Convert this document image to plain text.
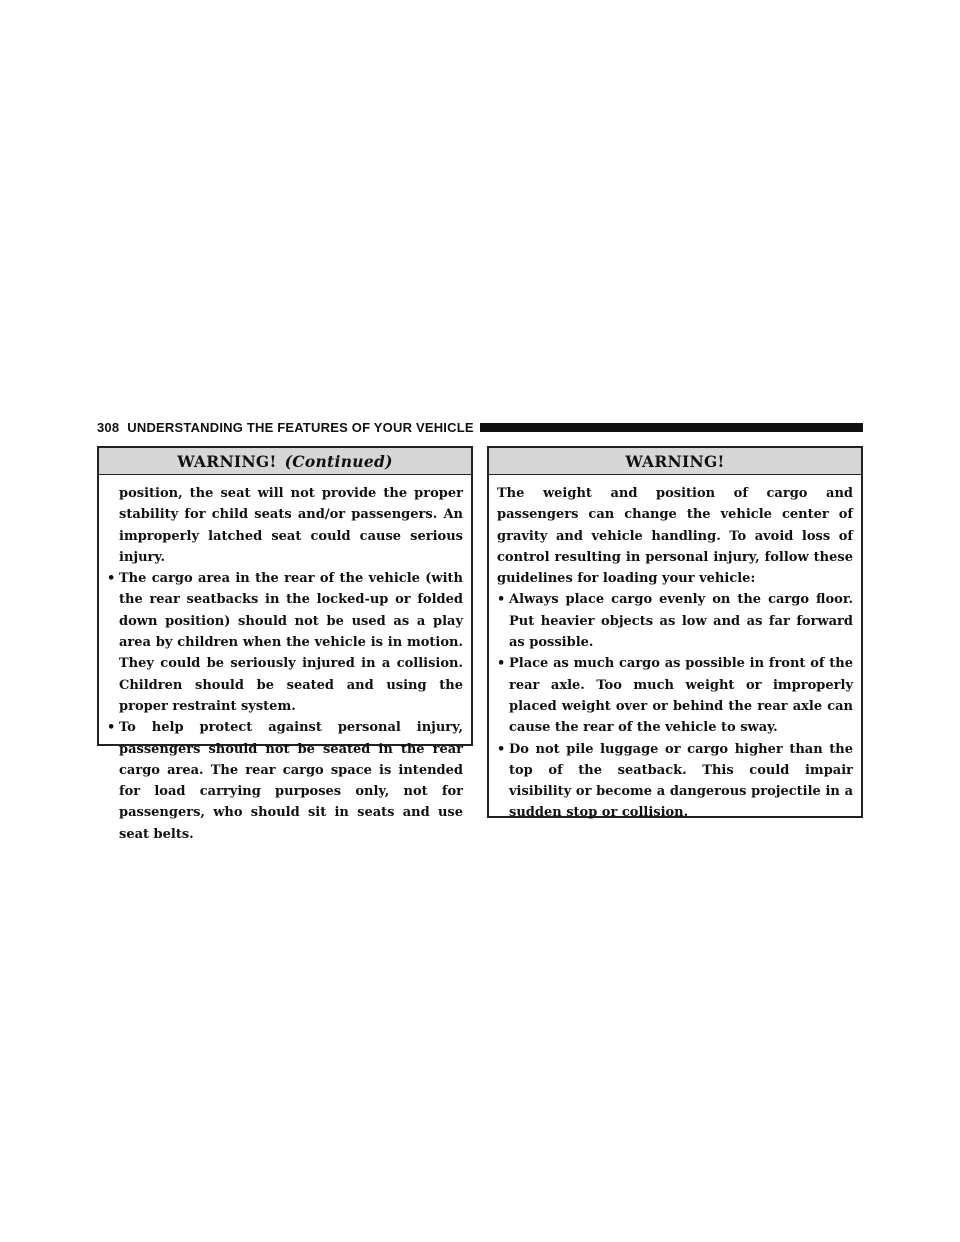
308 UNDERSTANDING THE FEATURES OF YOUR VEHICLE
WARNING! (Continued)
position, the seat will not provide the proper stability for child seats and/or passengers. An improperly latched seat could cause serious injury.
• The cargo area in the rear of the vehicle (with the rear seatbacks in the locked-up or folded down position) should not be used as a play area by children when the vehicle is in motion. They could be seriously injured in a collision. Children should be seated and using the proper restraint system.
• To help protect against personal injury, passengers should not be seated in the rear cargo area. The rear cargo space is intended for load carrying purposes only, not for passengers, who should sit in seats and use seat belts.
WARNING!
The weight and position of cargo and passengers can change the vehicle center of gravity and vehicle handling. To avoid loss of control resulting in personal injury, follow these guidelines for loading your vehicle:
• Always place cargo evenly on the cargo floor. Put heavier objects as low and as far forward as possible.
• Place as much cargo as possible in front of the rear axle. Too much weight or improperly placed weight over or behind the rear axle can cause the rear of the vehicle to sway.
• Do not pile luggage or cargo higher than the top of the seatback. This could impair visibility or become a dangerous projectile in a sudden stop or collision.
